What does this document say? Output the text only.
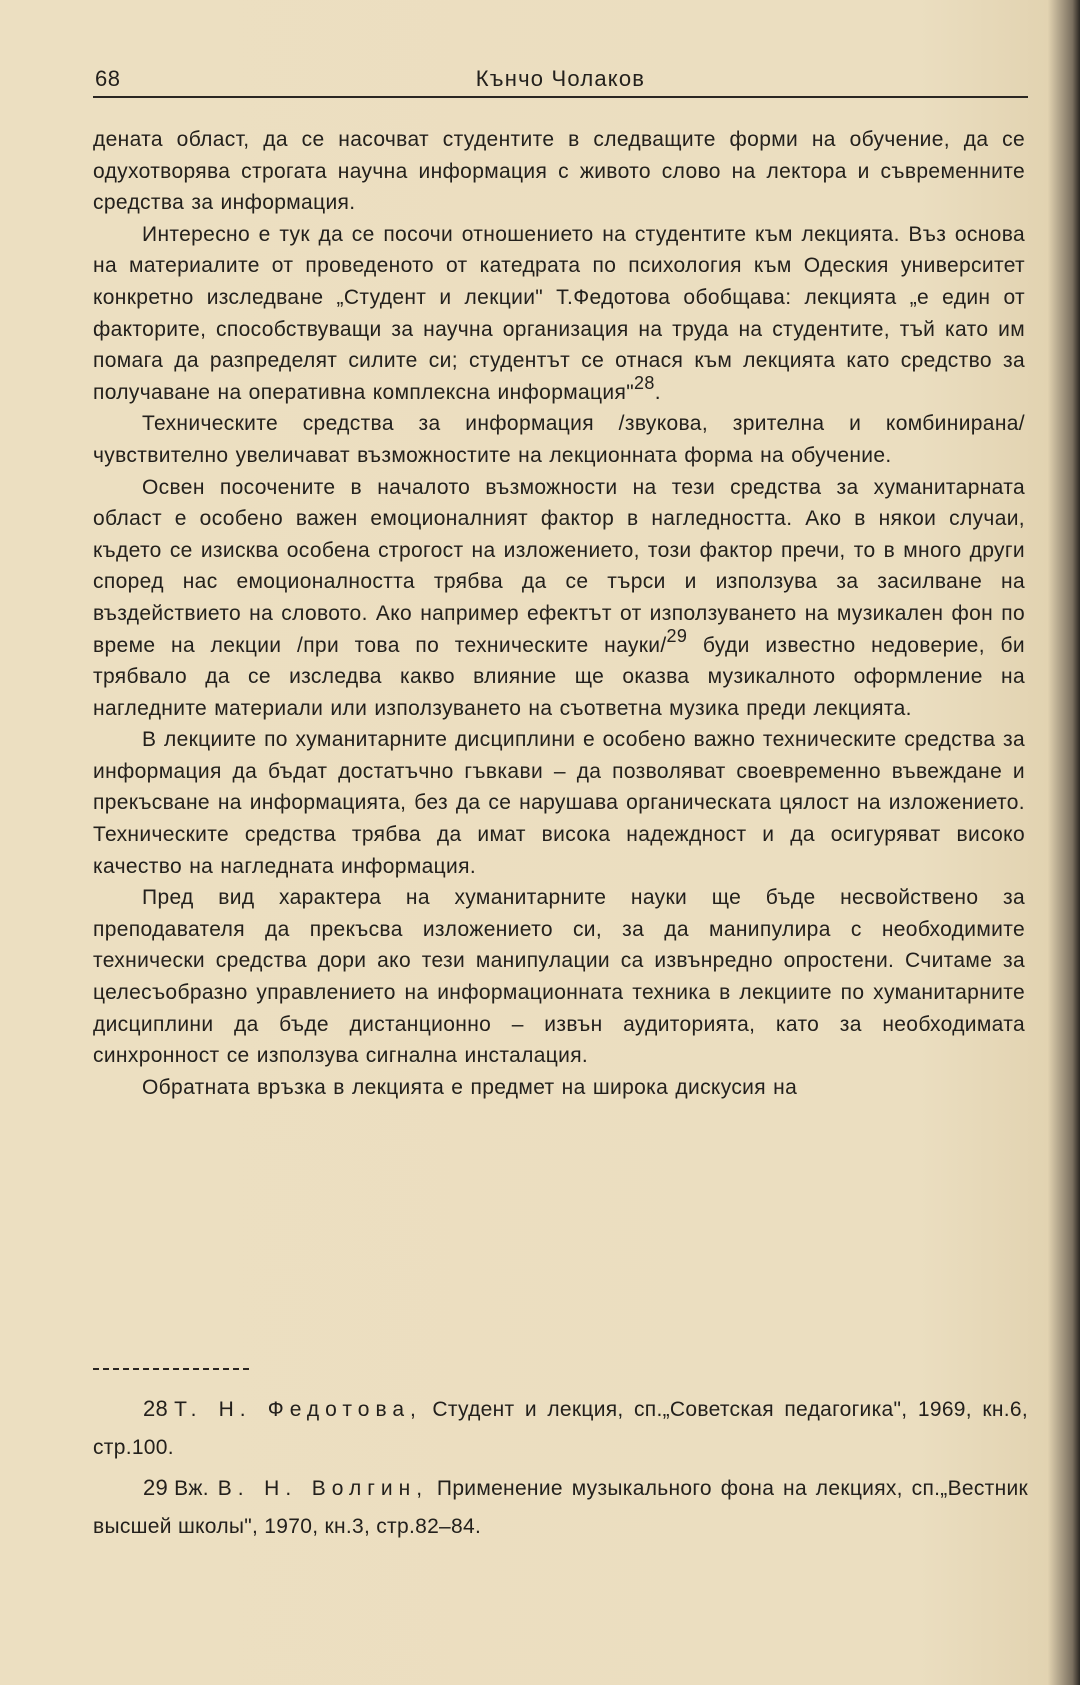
68	Кънчо Чолаков

дената област, да се насочват студентите в следващите форми на обучение, да се одухотворява строгата научна информация с живото слово на лектора и съвременните средства за информация.

Интересно е тук да се посочи отношението на студентите към лекцията. Въз основа на материалите от проведеното от катедрата по психология към Одеския университет конкретно изследване „Студент и лекции" Т.Федотова обобщава: лекцията „е един от факторите, способствуващи за научна организация на труда на студентите, тъй като им помага да разпределят силите си; студентът се отнася към лекцията като средство за получаване на оперативна комплексна информация"$^{28}$.

Техническите средства за информация /звукова, зрителна и комбинирана/ чувствително увеличават възможностите на лекционната форма на обучение.

Освен посочените в началото възможности на тези средства за хуманитарната област е особено важен емоционалният фактор в нагледността. Ако в някои случаи, където се изисква особена строгост на изложението, този фактор пречи, то в много други според нас емоционалността трябва да се търси и използува за засилване на въздействието на словото. Ако например ефектът от използуването на музикален фон по време на лекции /при това по техническите науки/$^{29}$ буди известно недоверие, би трябвало да се изследва какво влияние ще оказва музикалното оформление на нагледните материали или използуването на съответна музика преди лекцията.

В лекциите по хуманитарните дисциплини е особено важно техническите средства за информация да бъдат достатъчно гъвкави – да позволяват своевременно въвеждане и прекъсване на информацията, без да се нарушава органическата цялост на изложението. Техническите средства трябва да имат висока надеждност и да осигуряват високо качество на нагледната информация.

Пред вид характера на хуманитарните науки ще бъде несвойствено за преподавателя да прекъсва изложението си, за да манипулира с необходимите технически средства дори ако тези манипулации са извънредно опростени. Считаме за целесъобразно управлението на информационната техника в лекциите по хуманитарните дисциплини да бъде дистанционно – извън аудиторията, като за необходимата синхронност се използува сигнална инсталация.

Обратната връзка в лекцията е предмет на широка дискусия на

28 Т. Н. Федотова, Студент и лекция, сп.„Советская педагогика", 1969, кн.6, стр.100.

29 Вж. В. Н. Волгин, Применение музыкального фона на лекциях, сп.„Вестник высшей школы", 1970, кн.3, стр.82–84.
